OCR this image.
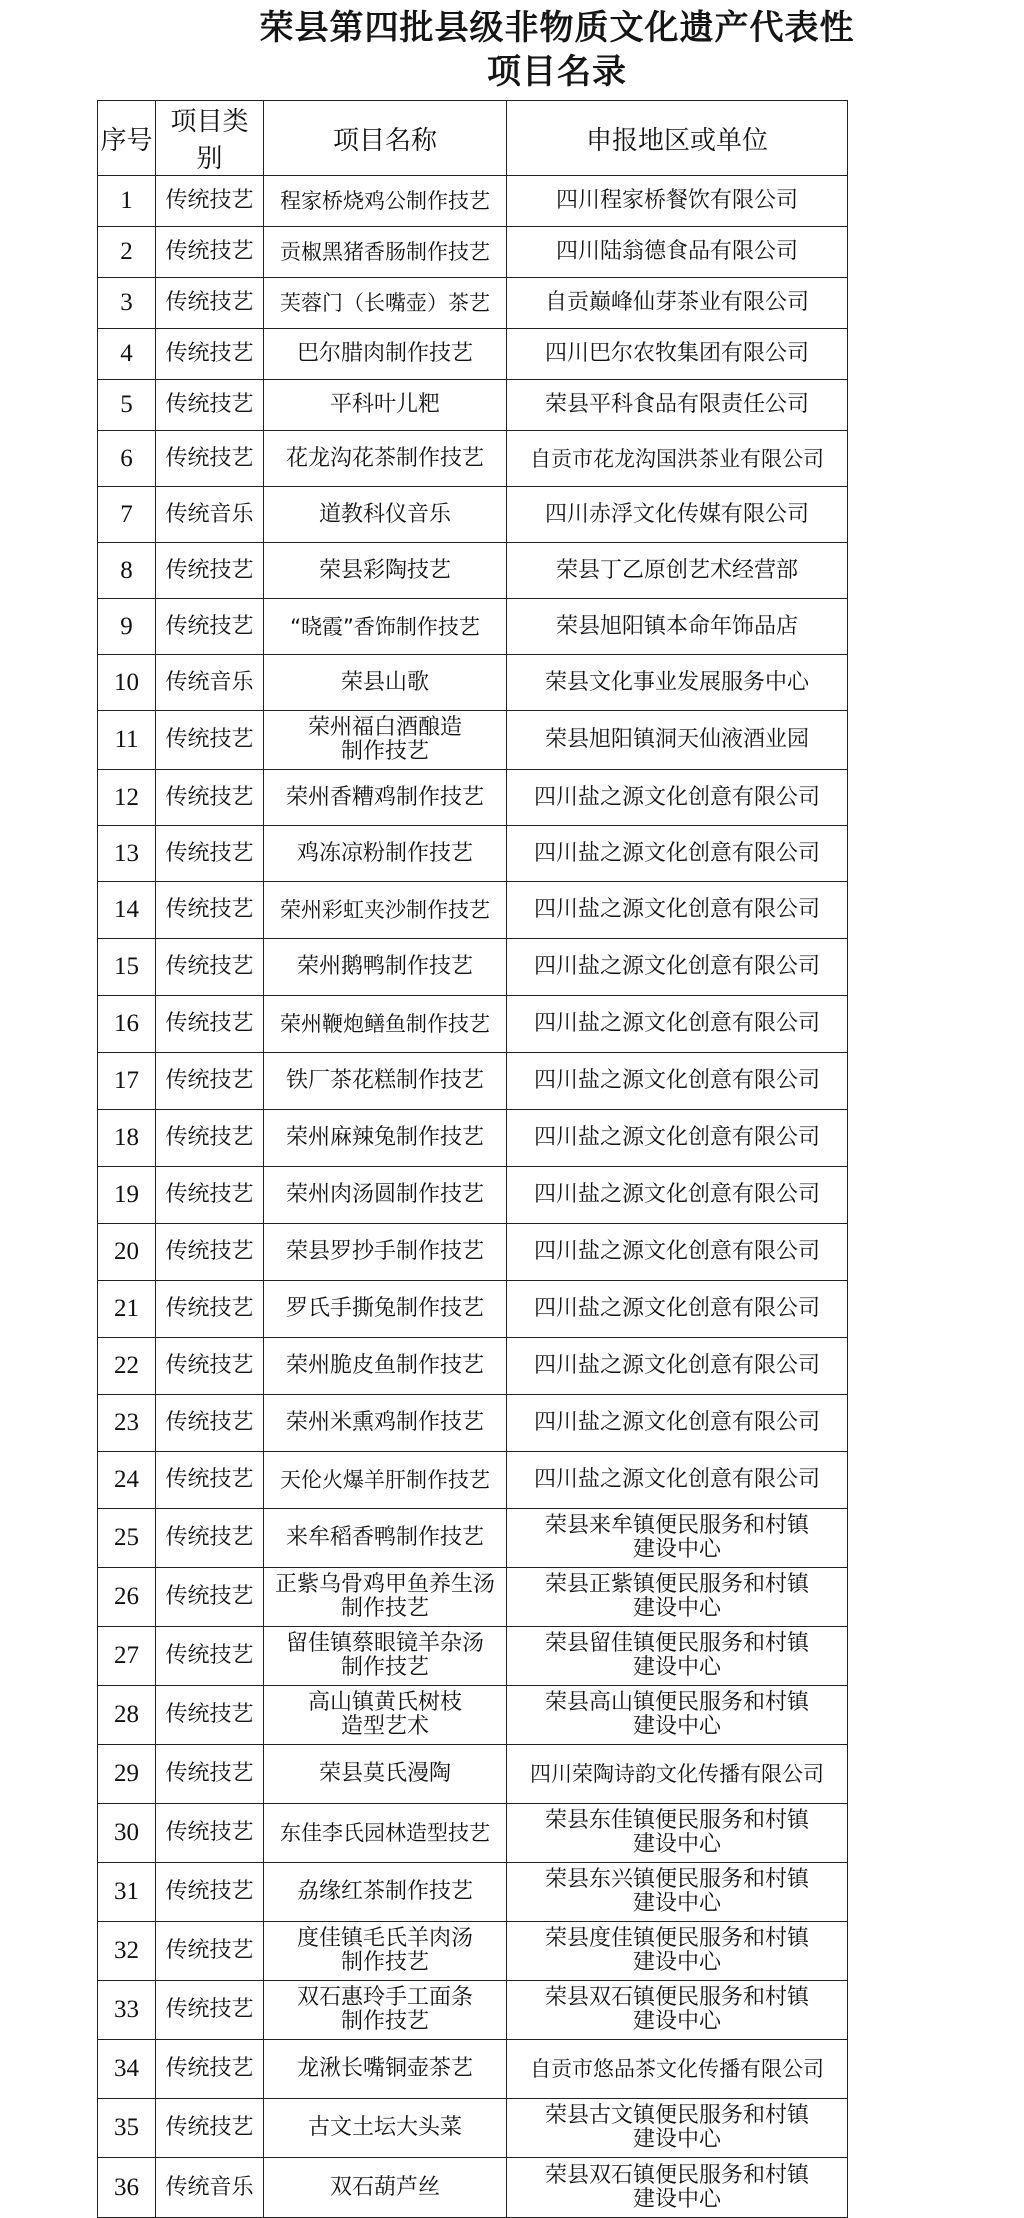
荣县第四批县级非物质文化遗产代表性
项目名录
序号	项目类别	项目名称	申报地区或单位
1	传统技艺	程家桥烧鸡公制作技艺	四川程家桥餐饮有限公司
2	传统技艺	贡椒黑猪香肠制作技艺	四川陆翁德食品有限公司
3	传统技艺	芙蓉门（长嘴壶）茶艺	自贡巅峰仙芽茶业有限公司
4	传统技艺	巴尔腊肉制作技艺	四川巴尔农牧集团有限公司
5	传统技艺	平科叶儿粑	荣县平科食品有限责任公司
6	传统技艺	花龙沟花茶制作技艺	自贡市花龙沟国洪茶业有限公司
7	传统音乐	道教科仪音乐	四川赤浮文化传媒有限公司
8	传统技艺	荣县彩陶技艺	荣县丁乙原创艺术经营部
9	传统技艺	“晓霞”香饰制作技艺	荣县旭阳镇本命年饰品店
10	传统音乐	荣县山歌	荣县文化事业发展服务中心
11	传统技艺	荣州福白酒酿造
制作技艺	荣县旭阳镇洞天仙液酒业园
12	传统技艺	荣州香糟鸡制作技艺	四川盐之源文化创意有限公司
13	传统技艺	鸡冻凉粉制作技艺	四川盐之源文化创意有限公司
14	传统技艺	荣州彩虹夹沙制作技艺	四川盐之源文化创意有限公司
15	传统技艺	荣州鹅鸭制作技艺	四川盐之源文化创意有限公司
16	传统技艺	荣州鞭炮鳝鱼制作技艺	四川盐之源文化创意有限公司
17	传统技艺	铁厂茶花糕制作技艺	四川盐之源文化创意有限公司
18	传统技艺	荣州麻辣兔制作技艺	四川盐之源文化创意有限公司
19	传统技艺	荣州肉汤圆制作技艺	四川盐之源文化创意有限公司
20	传统技艺	荣县罗抄手制作技艺	四川盐之源文化创意有限公司
21	传统技艺	罗氏手撕兔制作技艺	四川盐之源文化创意有限公司
22	传统技艺	荣州脆皮鱼制作技艺	四川盐之源文化创意有限公司
23	传统技艺	荣州米熏鸡制作技艺	四川盐之源文化创意有限公司
24	传统技艺	天伦火爆羊肝制作技艺	四川盐之源文化创意有限公司
25	传统技艺	来牟稻香鸭制作技艺	荣县来牟镇便民服务和村镇
建设中心
26	传统技艺	正紫乌骨鸡甲鱼养生汤
制作技艺	荣县正紫镇便民服务和村镇
建设中心
27	传统技艺	留佳镇蔡眼镜羊杂汤
制作技艺	荣县留佳镇便民服务和村镇
建设中心
28	传统技艺	高山镇黄氏树枝
造型艺术	荣县高山镇便民服务和村镇
建设中心
29	传统技艺	荣县莫氏漫陶	四川荣陶诗韵文化传播有限公司
30	传统技艺	东佳李氏园林造型技艺	荣县东佳镇便民服务和村镇
建设中心
31	传统技艺	劦缘红茶制作技艺	荣县东兴镇便民服务和村镇
建设中心
32	传统技艺	度佳镇毛氏羊肉汤
制作技艺	荣县度佳镇便民服务和村镇
建设中心
33	传统技艺	双石惠玲手工面条
制作技艺	荣县双石镇便民服务和村镇
建设中心
34	传统技艺	龙湫长嘴铜壶茶艺	自贡市悠品茶文化传播有限公司
35	传统技艺	古文土坛大头菜	荣县古文镇便民服务和村镇
建设中心
36	传统音乐	双石葫芦丝	荣县双石镇便民服务和村镇
建设中心
